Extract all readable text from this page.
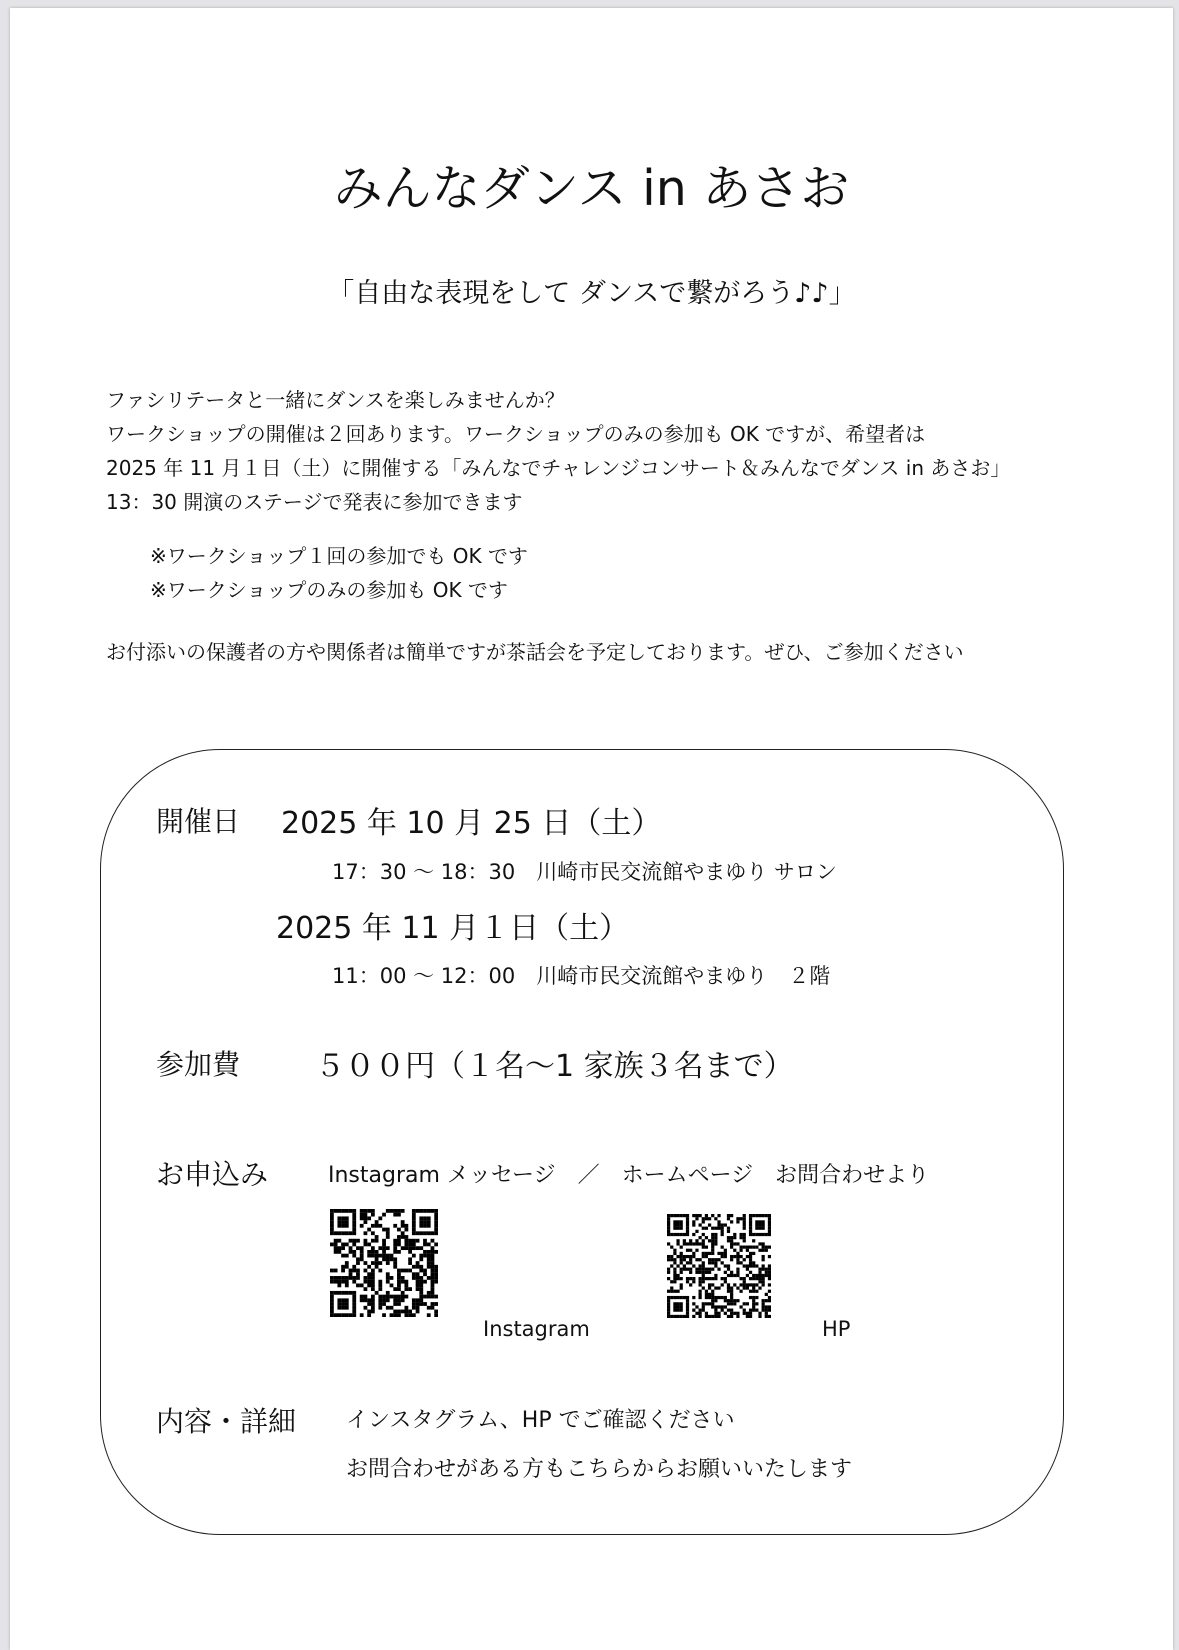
みんなダンス in あさお
「自由な表現をして ダンスで繋がろう♪♪」
ファシリテータと一緒にダンスを楽しみませんか？
ワークショップの開催は２回あります。ワークショップのみの参加も OK ですが、希望者は
2025 年 11 月１日（土）に開催する「みんなでチャレンジコンサート＆みんなでダンス in あさお」
13：30 開演のステージで発表に参加できます
※ワークショップ１回の参加でも OK です
※ワークショップのみの参加も OK です
お付添いの保護者の方や関係者は簡単ですが茶話会を予定しております。ぜひ、ご参加ください
開催日 2025 年 10 月 25 日（土）
17：30 〜 18：30　川崎市民交流館やまゆり サロン
2025 年 11 月１日（土）
11：00 〜 12：00　川崎市民交流館やまゆり　２階
参加費 ５００円（１名〜1 家族３名まで）
お申込み	Instagram メッセージ　／　ホームページ　お問合わせより
Instagram	HP
内容・詳細 インスタグラム、HP でご確認ください
お問合わせがある方もこちらからお願いいたします
